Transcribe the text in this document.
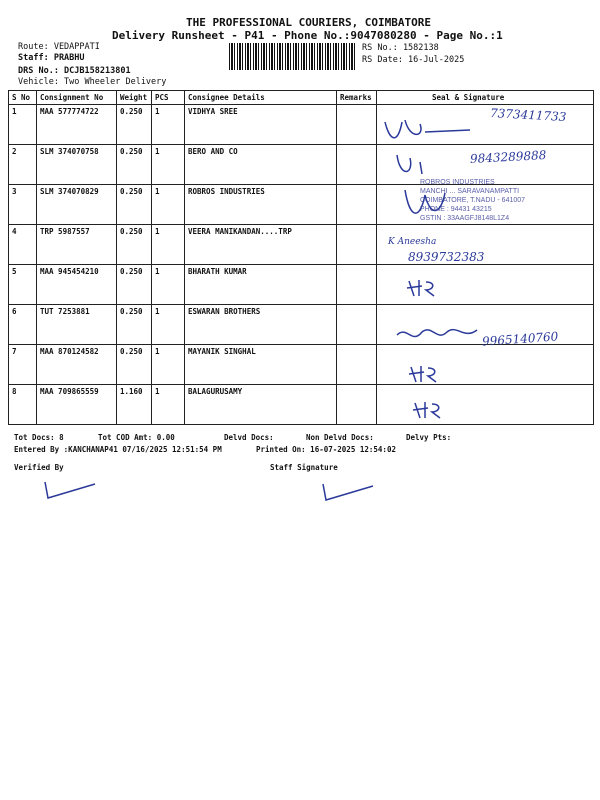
THE PROFESSIONAL COURIERS, COIMBATORE
Delivery Runsheet - P41 - Phone No.:9047080280 - Page No.:1
Route: VEDAPPATI
Staff: PRABHU
DRS No.: DCJB158213801
Vehicle: Two Wheeler Delivery
RS No.: 1582138
RS Date: 16-Jul-2025
S No	Consignment No	Weight	PCS	Consignee Details	Remarks	Seal & Signature
1	MAA 577774722	0.250	1	VIDHYA SREE		
2	SLM 374070758	0.250	1	BERO AND CO		
3	SLM 374070829	0.250	1	ROBROS INDUSTRIES		
4	TRP 5987557	0.250	1	VEERA MANIKANDAN....TRP		
5	MAA 945454210	0.250	1	BHARATH KUMAR		
6	TUT 7253881	0.250	1	ESWARAN BROTHERS		
7	MAA 870124582	0.250	1	MAYANIK SINGHAL		
8	MAA 709865559	1.160	1	BALAGURUSAMY		
7373411733
9843289888
K Aneesha
8939732383
9965140760
ROBROS INDUSTRIES
MANCHI ... SARAVANAMPATTI
COIMBATORE, T.NADU - 641007
PHONE : 94431 43215
GSTIN : 33AAGFJ8148L1Z4
Tot Docs: 8	Tot COD Amt: 0.00	Delvd Docs:	Non Delvd Docs:	Delvy Pts:
Entered By :KANCHANAP41 07/16/2025 12:51:54 PM	Printed On: 16-07-2025 12:54:02
Verified By	Staff Signature
